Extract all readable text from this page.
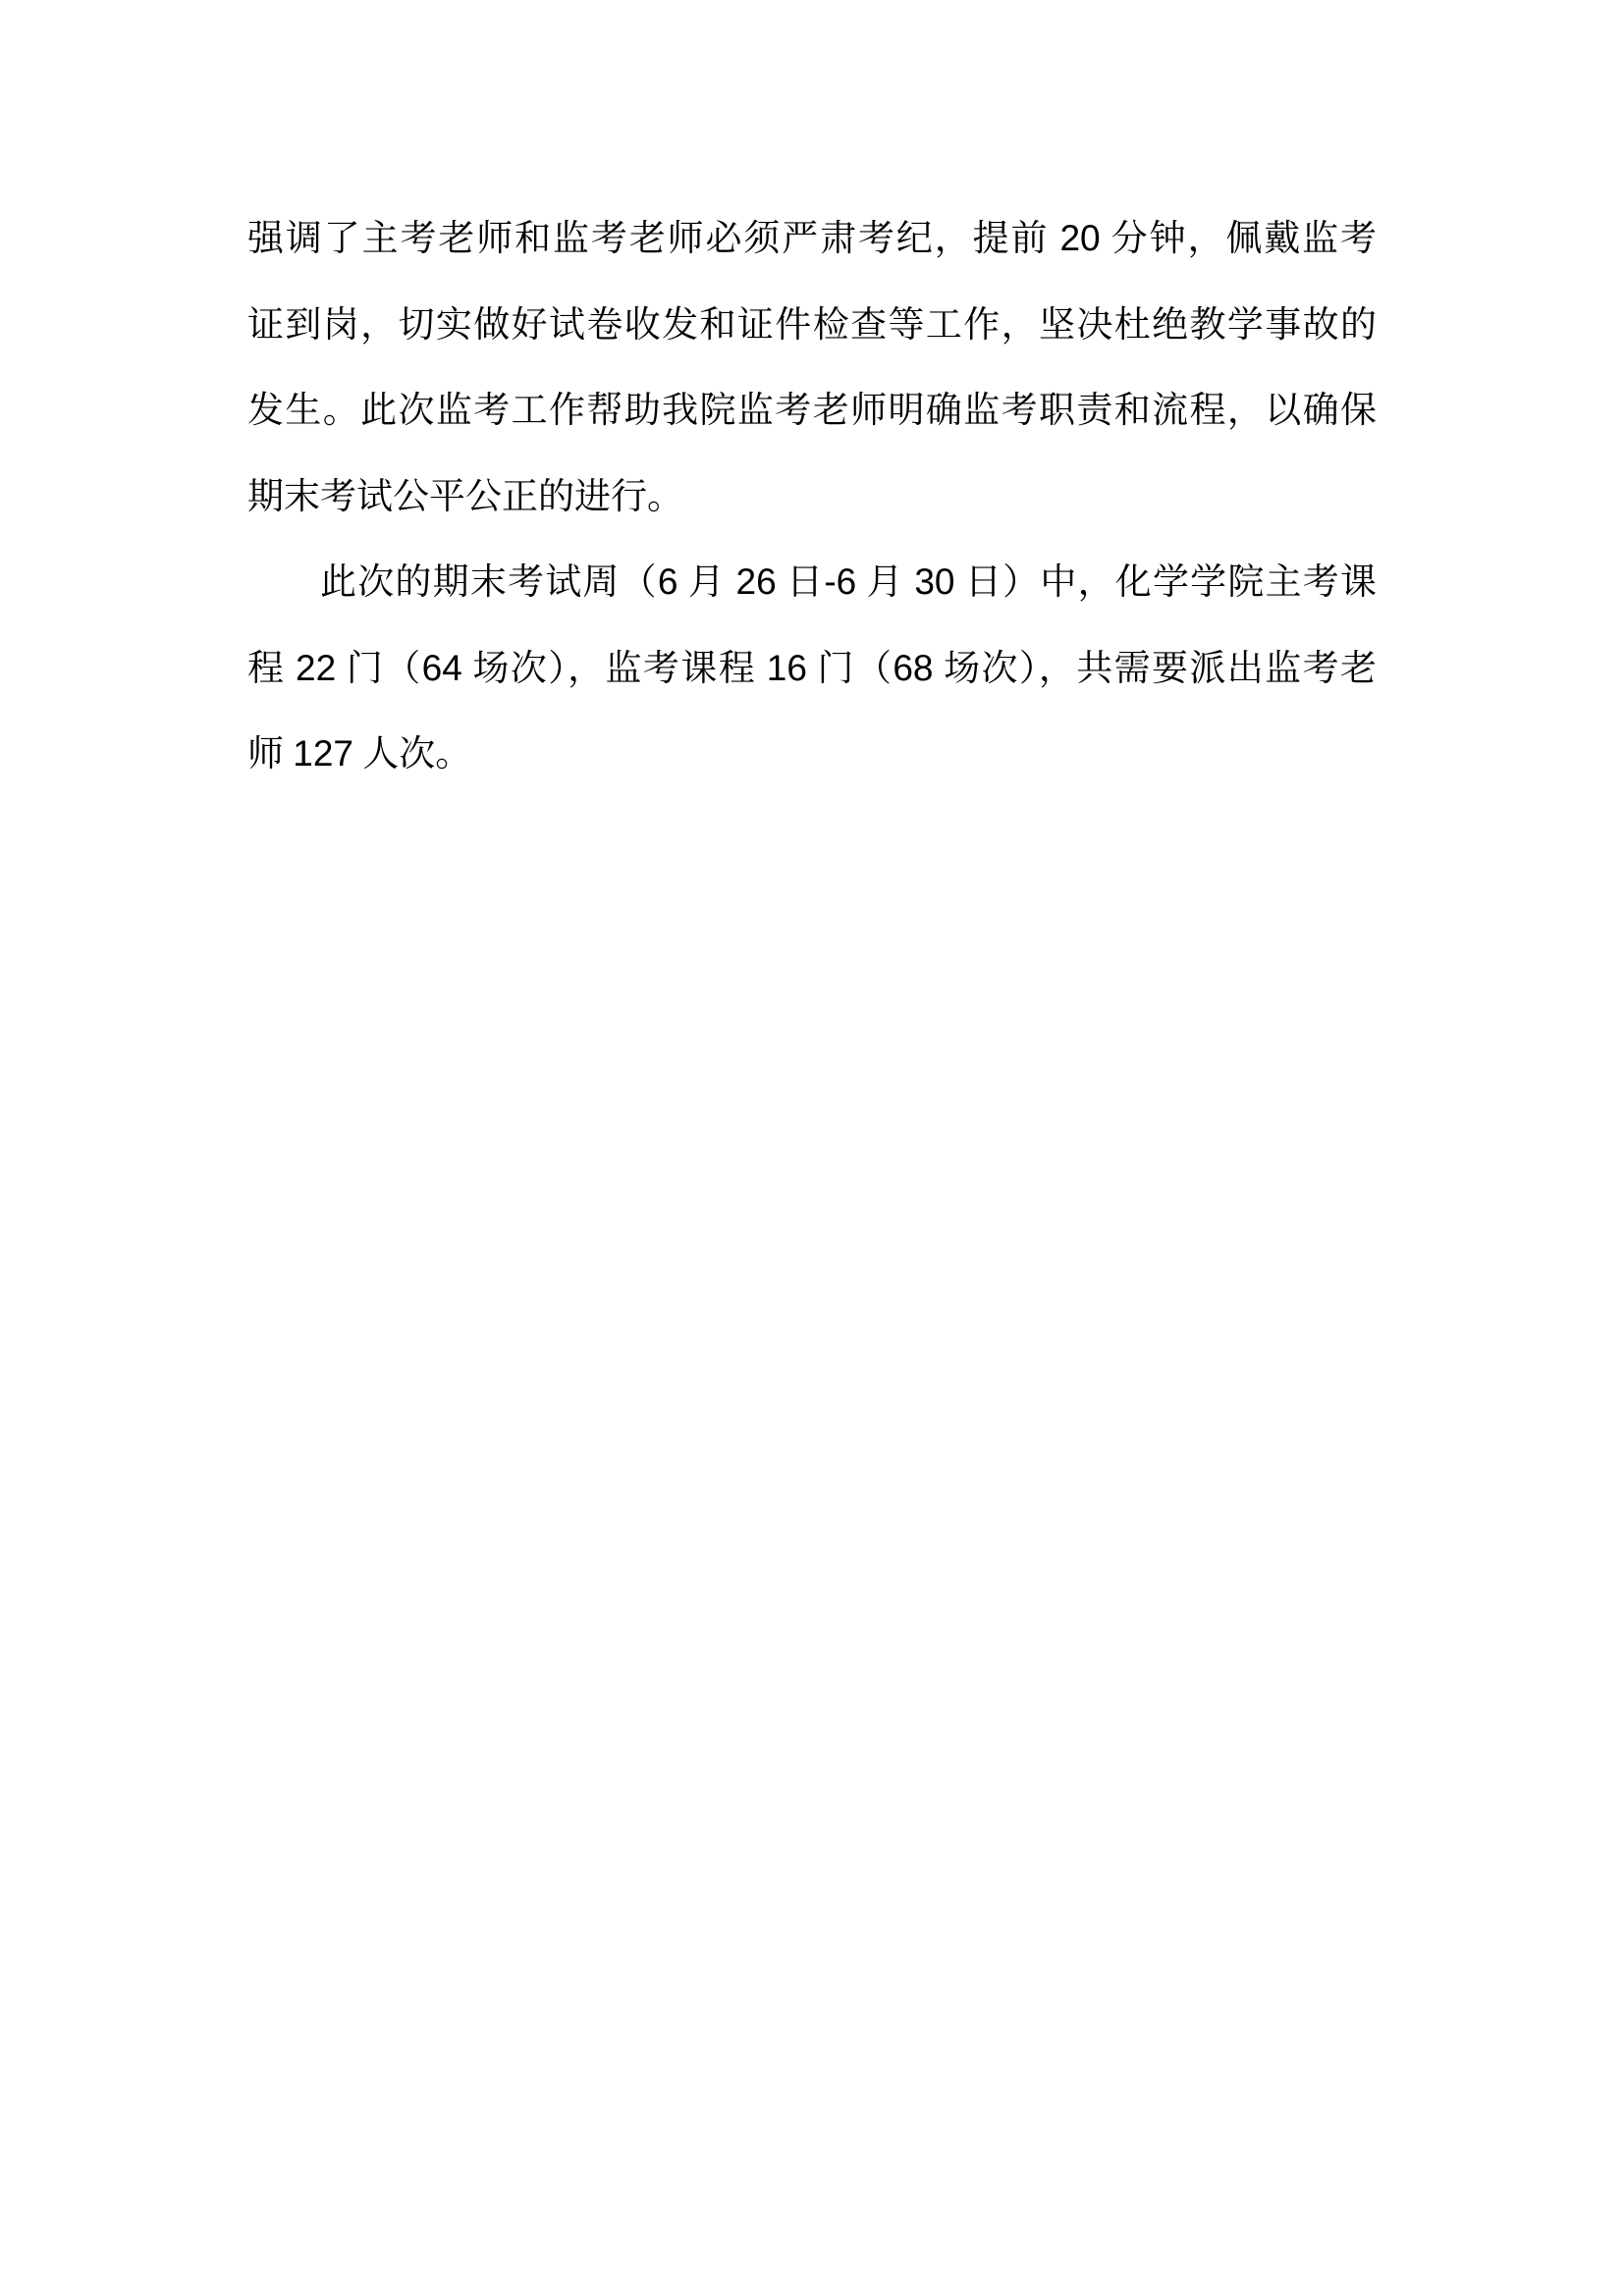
强调了主考老师和监考老师必须严肃考纪，提前 20 分钟，佩戴监考
证到岗，切实做好试卷收发和证件检查等工作，坚决杜绝教学事故的
发生。此次监考工作帮助我院监考老师明确监考职责和流程，以确保
期末考试公平公正的进行。
此次的期末考试周（6 月 26 日-6 月 30 日）中，化学学院主考课
程 22 门（64 场次），监考课程 16 门（68 场次），共需要派出监考老
师 127 人次。
